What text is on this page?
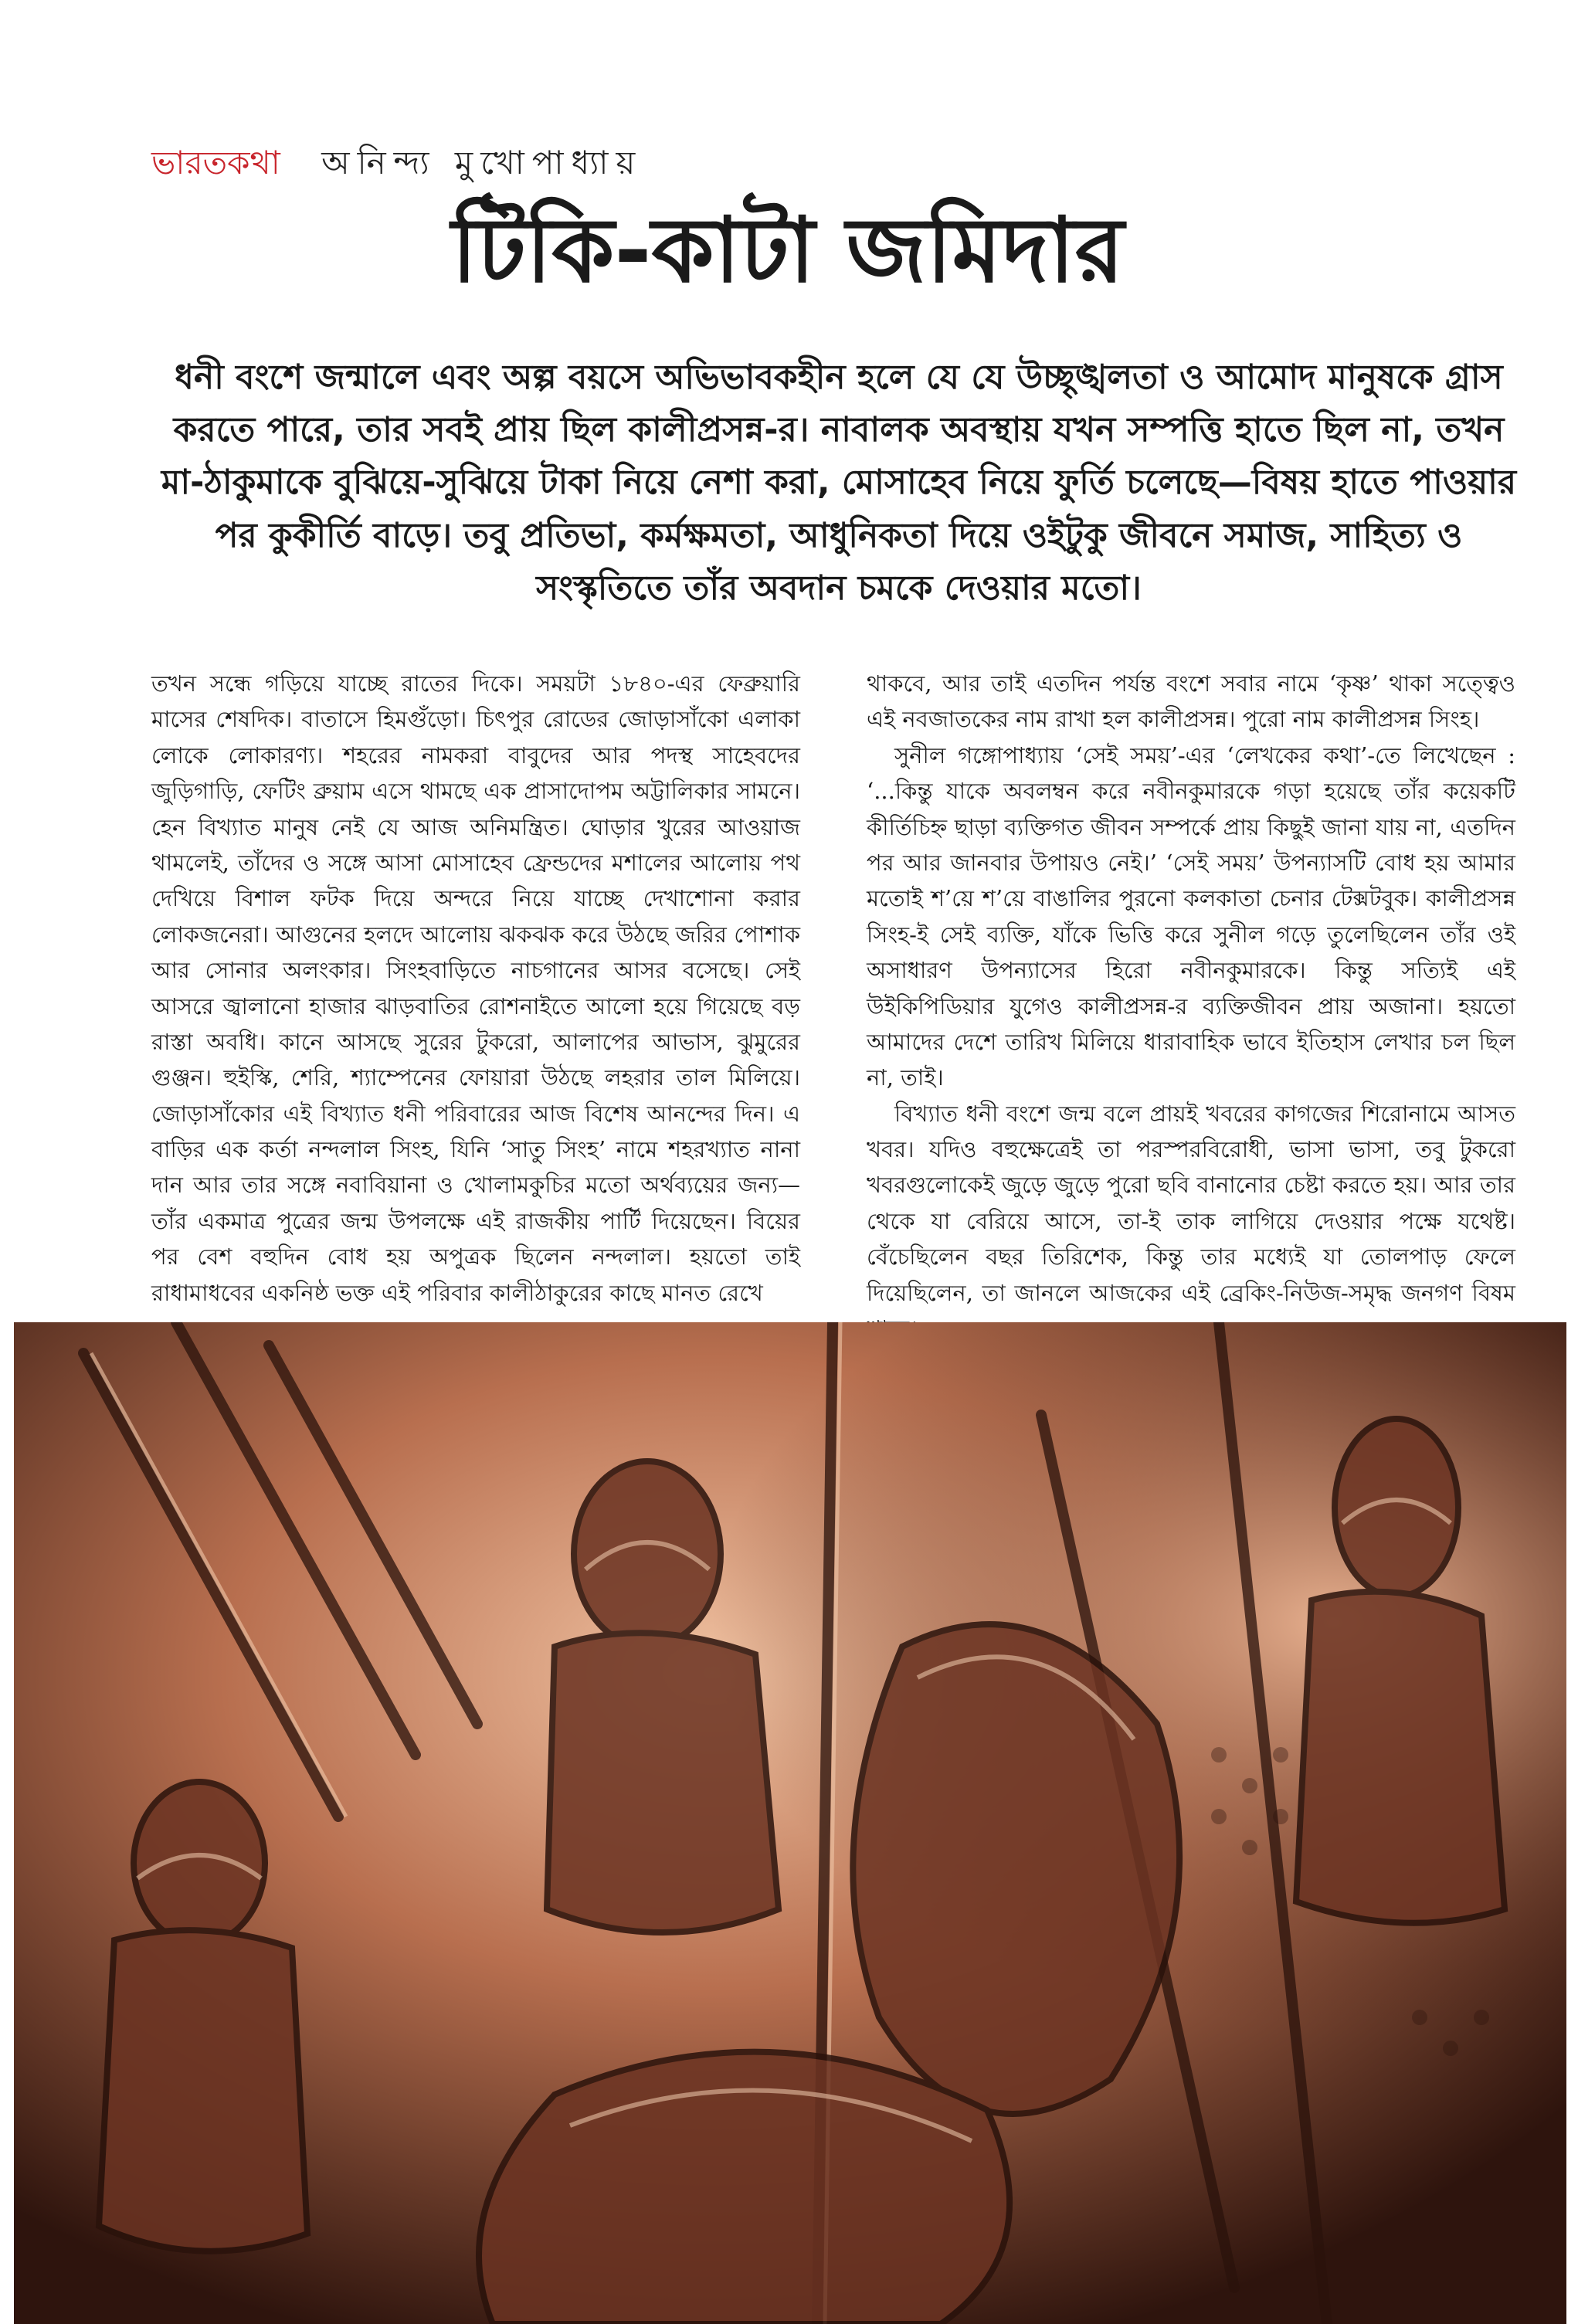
ভারতকথা অনিন্দ্য মুখোপাধ্যায়
টিকি-কাটা জমিদার
ধনী বংশে জন্মালে এবং অল্প বয়সে অভিভাবকহীন হলে যে যে উচ্ছৃঙ্খলতা ও আমোদ মানুষকে গ্রাস করতে পারে, তার সবই প্রায় ছিল কালীপ্রসন্ন-র। নাবালক অবস্থায় যখন সম্পত্তি হাতে ছিল না, তখন মা-ঠাকুমাকে বুঝিয়ে-সুঝিয়ে টাকা নিয়ে নেশা করা, মোসাহেব নিয়ে ফুর্তি চলেছে—বিষয় হাতে পাওয়ার পর কুকীর্তি বাড়ে। তবু প্রতিভা, কর্মক্ষমতা, আধুনিকতা দিয়ে ওইটুকু জীবনে সমাজ, সাহিত্য ও সংস্কৃতিতে তাঁর অবদান চমকে দেওয়ার মতো।

তখন সন্ধে গড়িয়ে যাচ্ছে রাতের দিকে। সময়টা ১৮৪০-এর ফেব্রুয়ারি মাসের শেষদিক। বাতাসে হিমগুঁড়ো। চিৎপুর রোডের জোড়াসাঁকো এলাকা লোকে লোকারণ্য। শহরের নামকরা বাবুদের আর পদস্থ সাহেবদের জুড়িগাড়ি, ফেটিং ব্রুয়াম এসে থামছে এক প্রাসাদোপম অট্টালিকার সামনে। হেন বিখ্যাত মানুষ নেই যে আজ অনিমন্ত্রিত। ঘোড়ার খুরের আওয়াজ থামলেই, তাঁদের ও সঙ্গে আসা মোসাহেব ফ্রেন্ডদের মশালের আলোয় পথ দেখিয়ে বিশাল ফটক দিয়ে অন্দরে নিয়ে যাচ্ছে দেখাশোনা করার লোকজনেরা। আগুনের হলদে আলোয় ঝকঝক করে উঠছে জরির পোশাক আর সোনার অলংকার। সিংহবাড়িতে নাচগানের আসর বসেছে। সেই আসরে জ্বালানো হাজার ঝাড়বাতির রোশনাইতে আলো হয়ে গিয়েছে বড় রাস্তা অবধি। কানে আসছে সুরের টুকরো, আলাপের আভাস, ঝুমুরের গুঞ্জন। হুইস্কি, শেরি, শ্যাম্পেনের ফোয়ারা উঠছে লহরার তাল মিলিয়ে। জোড়াসাঁকোর এই বিখ্যাত ধনী পরিবারের আজ বিশেষ আনন্দের দিন। এ বাড়ির এক কর্তা নন্দলাল সিংহ, যিনি ‘সাতু সিংহ’ নামে শহরখ্যাত নানা দান আর তার সঙ্গে নবাবিয়ানা ও খোলামকুচির মতো অর্থব্যয়ের জন্য—তাঁর একমাত্র পুত্রের জন্ম উপলক্ষে এই রাজকীয় পার্টি দিয়েছেন। বিয়ের পর বেশ বহুদিন বোধ হয় অপুত্রক ছিলেন নন্দলাল। হয়তো তাই রাধামাধবের একনিষ্ঠ ভক্ত এই পরিবার কালীঠাকুরের কাছে মানত রেখে

থাকবে, আর তাই এতদিন পর্যন্ত বংশে সবার নামে ‘কৃষ্ণ’ থাকা সত্ত্বেও এই নবজাতকের নাম রাখা হল কালীপ্রসন্ন। পুরো নাম কালীপ্রসন্ন সিংহ।

সুনীল গঙ্গোপাধ্যায় ‘সেই সময়’-এর ‘লেখকের কথা’-তে লিখেছেন : ‘...কিন্তু যাকে অবলম্বন করে নবীনকুমারকে গড়া হয়েছে তাঁর কয়েকটি কীর্তিচিহ্ন ছাড়া ব্যক্তিগত জীবন সম্পর্কে প্রায় কিছুই জানা যায় না, এতদিন পর আর জানবার উপায়ও নেই।’ ‘সেই সময়’ উপন্যাসটি বোধ হয় আমার মতোই শ’য়ে শ’য়ে বাঙালির পুরনো কলকাতা চেনার টেক্সটবুক। কালীপ্রসন্ন সিংহ-ই সেই ব্যক্তি, যাঁকে ভিত্তি করে সুনীল গড়ে তুলেছিলেন তাঁর ওই অসাধারণ উপন্যাসের হিরো নবীনকুমারকে। কিন্তু সত্যিই এই উইকিপিডিয়ার যুগেও কালীপ্রসন্ন-র ব্যক্তিজীবন প্রায় অজানা। হয়তো আমাদের দেশে তারিখ মিলিয়ে ধারাবাহিক ভাবে ইতিহাস লেখার চল ছিল না, তাই।

বিখ্যাত ধনী বংশে জন্ম বলে প্রায়ই খবরের কাগজের শিরোনামে আসত খবর। যদিও বহুক্ষেত্রেই তা পরস্পরবিরোধী, ভাসা ভাসা, তবু টুকরো খবরগুলোকেই জুড়ে জুড়ে পুরো ছবি বানানোর চেষ্টা করতে হয়। আর তার থেকে যা বেরিয়ে আসে, তা-ই তাক লাগিয়ে দেওয়ার পক্ষে যথেষ্ট। বেঁচেছিলেন বছর তিরিশেক, কিন্তু তার মধ্যেই যা তোলপাড় ফেলে দিয়েছিলেন, তা জানলে আজকের এই ব্রেকিং-নিউজ-সমৃদ্ধ জনগণ বিষম
